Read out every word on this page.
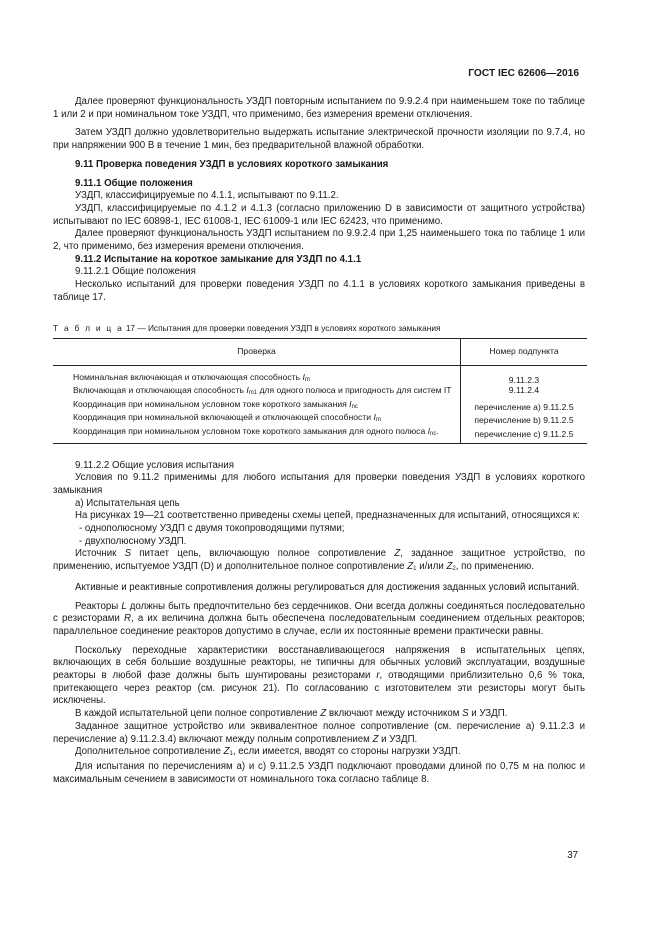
ГОСТ IEC 62606—2016

Далее проверяют функциональность УЗДП повторным испытанием по 9.9.2.4 при наименьшем токе по таблице 1 или 2 и при номинальном токе УЗДП, что применимо, без измерения времени отключения.

Затем УЗДП должно удовлетворительно выдержать испытание электрической прочности изоляции по 9.7.4, но при напряжении 900 В в течение 1 мин, без предварительной влажной обработки.

9.11 Проверка поведения УЗДП в условиях короткого замыкания

9.11.1 Общие положения

УЗДП, классифицируемые по 4.1.1, испытывают по 9.11.2.

УЗДП, классифицируемые по 4.1.2 и 4.1.3 (согласно приложению D в зависимости от защитного устройства) испытывают по IEC 60898-1, IEC 61008-1, IEC 61009-1 или IEC 62423, что применимо.

Далее проверяют функциональность УЗДП испытанием по 9.9.2.4 при 1,25 наименьшего тока по таблице 1 или 2, что применимо, без измерения времени отключения.

9.11.2 Испытание на короткое замыкание для УЗДП по 4.1.1

9.11.2.1 Общие положения

Несколько испытаний для проверки поведения УЗДП по 4.1.1 в условиях короткого замыкания приведены в таблице 17.

Т а б л и ц а 17 — Испытания для проверки поведения УЗДП в условиях короткого замыкания
Проверка	Номер подпункта

Номинальная включающая и отключающая способность $I_m$	9.11.2.3

Включающая и отключающая способность $I_{m1}$ для одного полюса и пригодность для систем IT	9.11.2.4

Координация при номинальном условном токе короткого замыкания $I_{nc}$	перечисление а) 9.11.2.5

Координация при номинальной включающей и отключающей способности $I_m$	перечисление b) 9.11.2.5

Координация при номинальном условном токе короткого замыкания для одного полюса $I_{nc}$.	перечисление с) 9.11.2.5

9.11.2.2 Общие условия испытания

Условия по 9.11.2 применимы для любого испытания для проверки поведения УЗДП в условиях короткого замыкания

а) Испытательная цепь

На рисунках 19—21 соответственно приведены схемы цепей, предназначенных для испытаний, относящихся к:

- однополюсному УЗДП с двумя токопроводящими путями;

- двухполюсному УЗДП.

Источник S питает цепь, включающую полное сопротивление Z, заданное защитное устройство, по применению, испытуемое УЗДП (D) и дополнительное полное сопротивление $Z_1$ и/или $Z_2$, по применению.

Активные и реактивные сопротивления должны регулироваться для достижения заданных условий испытаний.

Реакторы L должны быть предпочтительно без сердечников. Они всегда должны соединяться последовательно с резисторами R, а их величина должна быть обеспечена последовательным соединением отдельных реакторов; параллельное соединение реакторов допустимо в случае, если их постоянные времени практически равны.

Поскольку переходные характеристики восстанавливающегося напряжения в испытательных цепях, включающих в себя большие воздушные реакторы, не типичны для обычных условий эксплуатации, воздушные реакторы в любой фазе должны быть шунтированы резисторами r, отводящими приблизительно 0,6 % тока, притекающего через реактор (см. рисунок 21). По согласованию с изготовителем эти резисторы могут быть исключены.

В каждой испытательной цепи полное сопротивление Z включают между источником S и УЗДП.

Заданное защитное устройство или эквивалентное полное сопротивление (см. перечисление а) 9.11.2.3 и перечисление а) 9.11.2.3.4) включают между полным сопротивлением Z и УЗДП.

Дополнительное сопротивление $Z_1$, если имеется, вводят со стороны нагрузки УЗДП.

Для испытания по перечислениям а) и с) 9.11.2.5 УЗДП подключают проводами длиной по 0,75 м на полюс и максимальным сечением в зависимости от номинального тока согласно таблице 8.

37
